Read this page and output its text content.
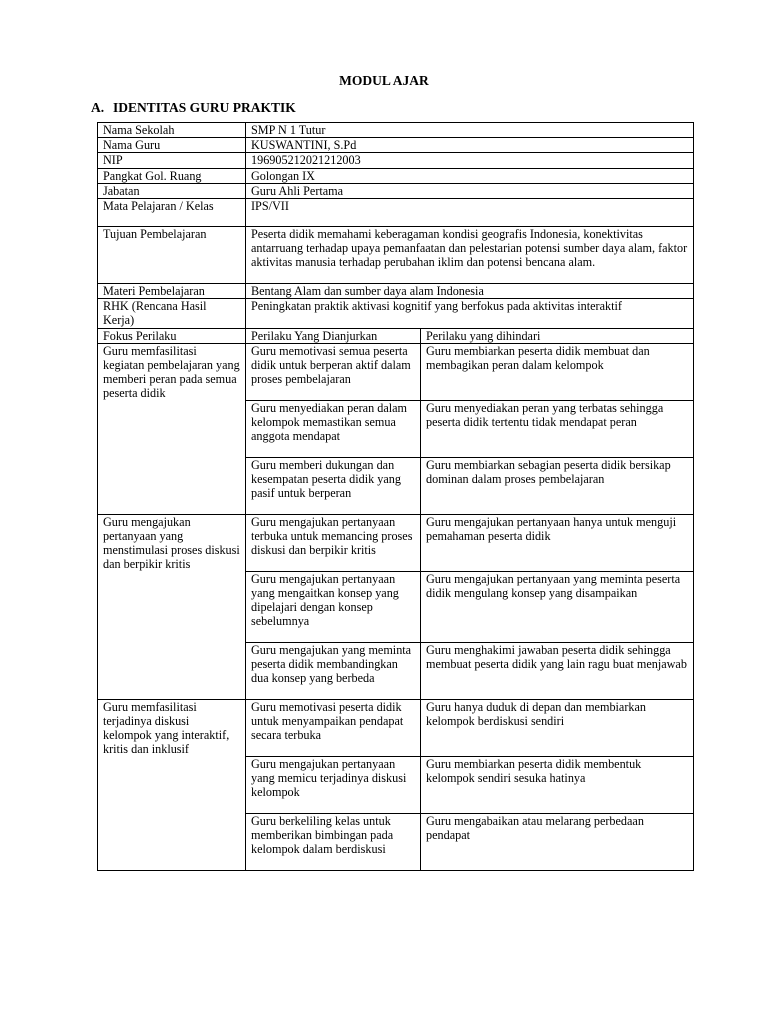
MODUL AJAR
A. IDENTITAS GURU PRAKTIK
Nama Sekolah	SMP N 1 Tutur	
Nama Guru	KUSWANTINI, S.Pd	
NIP	196905212021212003	
Pangkat Gol. Ruang	Golongan IX	
Jabatan	Guru Ahli Pertama	
Mata Pelajaran / Kelas	IPS/VII	
Tujuan Pembelajaran	Peserta didik memahami keberagaman kondisi geografis Indonesia, konektivitas antarruang terhadap upaya pemanfaatan dan pelestarian potensi sumber daya alam, faktor aktivitas manusia terhadap perubahan iklim dan potensi bencana alam.	
Materi Pembelajaran	Bentang Alam dan sumber daya alam Indonesia	
RHK (Rencana Hasil Kerja)	Peningkatan praktik aktivasi kognitif yang berfokus pada aktivitas interaktif	
Fokus Perilaku	Perilaku Yang Dianjurkan	Perilaku yang dihindari
Guru memfasilitasi kegiatan pembelajaran yang memberi peran pada semua peserta didik	Guru memotivasi semua peserta didik untuk berperan aktif dalam proses pembelajaran	Guru membiarkan peserta didik membuat dan membagikan peran dalam kelompok
	Guru menyediakan peran dalam kelompok memastikan semua anggota mendapat	Guru menyediakan peran yang terbatas sehingga peserta didik tertentu tidak mendapat peran
	Guru memberi dukungan dan kesempatan peserta didik yang pasif untuk berperan	Guru membiarkan sebagian peserta didik bersikap dominan dalam proses pembelajaran
Guru mengajukan pertanyaan yang menstimulasi proses diskusi dan berpikir kritis	Guru mengajukan pertanyaan terbuka untuk memancing proses diskusi dan berpikir kritis	Guru mengajukan pertanyaan hanya untuk menguji pemahaman peserta didik
	Guru mengajukan pertanyaan yang mengaitkan konsep yang dipelajari dengan konsep sebelumnya	Guru mengajukan pertanyaan yang meminta peserta didik mengulang konsep yang disampaikan
	Guru mengajukan yang meminta peserta didik membandingkan dua konsep yang berbeda	Guru menghakimi jawaban peserta didik sehingga membuat peserta didik yang lain ragu buat menjawab
Guru memfasilitasi terjadinya diskusi kelompok yang interaktif, kritis dan inklusif	Guru memotivasi peserta didik untuk menyampaikan pendapat secara terbuka	Guru hanya duduk di depan dan membiarkan kelompok berdiskusi sendiri
	Guru mengajukan pertanyaan yang memicu terjadinya diskusi kelompok	Guru membiarkan peserta didik membentuk kelompok sendiri sesuka hatinya
	Guru berkeliling kelas untuk memberikan bimbingan pada kelompok dalam berdiskusi	Guru mengabaikan atau melarang perbedaan pendapat
